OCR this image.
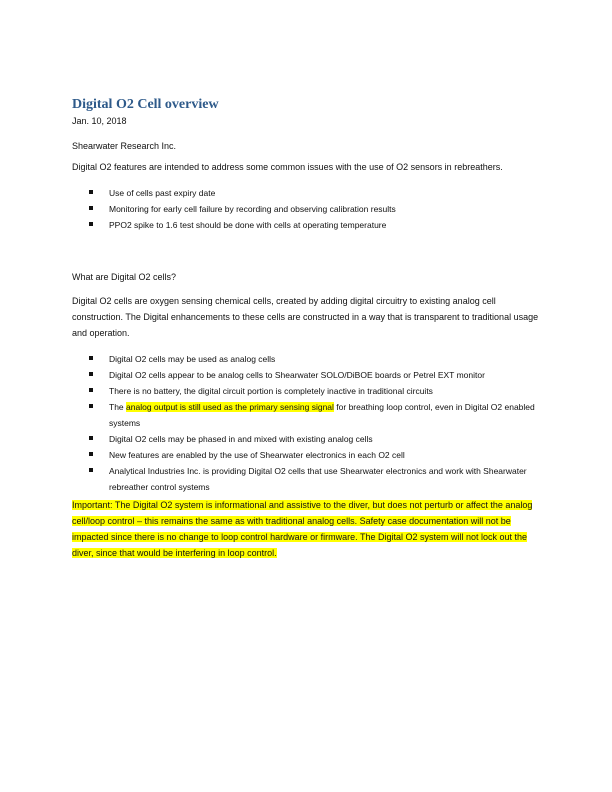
Digital O2 Cell overview

Jan. 10, 2018

Shearwater Research Inc.

Digital O2 features are intended to address some common issues with the use of O2 sensors in rebreathers.

Use of cells past expiry date
Monitoring for early cell failure by recording and observing calibration results
PPO2 spike to 1.6 test should be done with cells at operating temperature

What are Digital O2 cells?

Digital O2 cells are oxygen sensing chemical cells, created by adding digital circuitry to existing analog cell construction. The Digital enhancements to these cells are constructed in a way that is transparent to traditional usage and operation.

Digital O2 cells may be used as analog cells
Digital O2 cells appear to be analog cells to Shearwater SOLO/DiBOE boards or Petrel EXT monitor
There is no battery, the digital circuit portion is completely inactive in traditional circuits
The analog output is still used as the primary sensing signal for breathing loop control, even in Digital O2 enabled systems
Digital O2 cells may be phased in and mixed with existing analog cells
New features are enabled by the use of Shearwater electronics in each O2 cell
Analytical Industries Inc. is providing Digital O2 cells that use Shearwater electronics and work with Shearwater rebreather control systems

Important: The Digital O2 system is informational and assistive to the diver, but does not perturb or affect the analog cell/loop control – this remains the same as with traditional analog cells. Safety case documentation will not be impacted since there is no change to loop control hardware or firmware. The Digital O2 system will not lock out the diver, since that would be interfering in loop control.
